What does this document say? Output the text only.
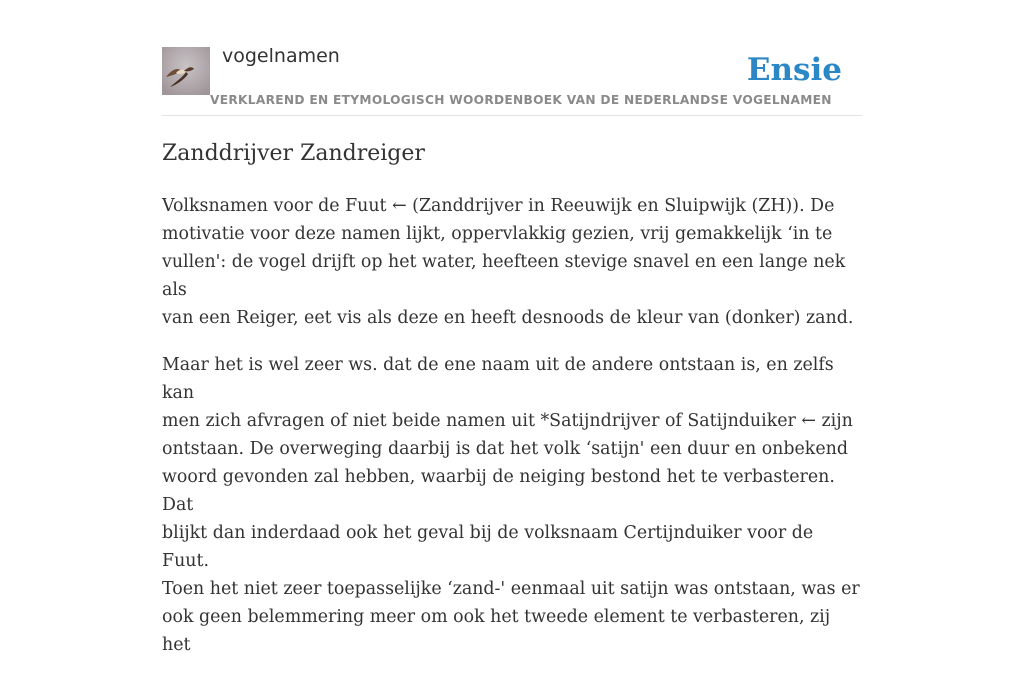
vogelnamen	Ensie
VERKLAREND EN ETYMOLOGISCH WOORDENBOEK VAN DE NEDERLANDSE VOGELNAMEN
Zanddrijver Zandreiger

Volksnamen voor de Fuut ← (Zanddrijver in Reeuwijk en Sluipwijk (ZH)). De
motivatie voor deze namen lijkt, oppervlakkig gezien, vrij gemakkelijk ‘in te
vullen': de vogel drijft op het water, heefteen stevige snavel en een lange nek als
van een Reiger, eet vis als deze en heeft desnoods de kleur van (donker) zand.

Maar het is wel zeer ws. dat de ene naam uit de andere ontstaan is, en zelfs kan
men zich afvragen of niet beide namen uit *Satijndrijver of Satijnduiker ← zijn
ontstaan. De overweging daarbij is dat het volk ‘satijn' een duur en onbekend
woord gevonden zal hebben, waarbij de neiging bestond het te verbasteren. Dat
blijkt dan inderdaad ook het geval bij de volksnaam Certijnduiker voor de Fuut.
Toen het niet zeer toepasselijke ‘zand-' eenmaal uit satijn was ontstaan, was er
ook geen belemmering meer om ook het tweede element te verbasteren, zij het
